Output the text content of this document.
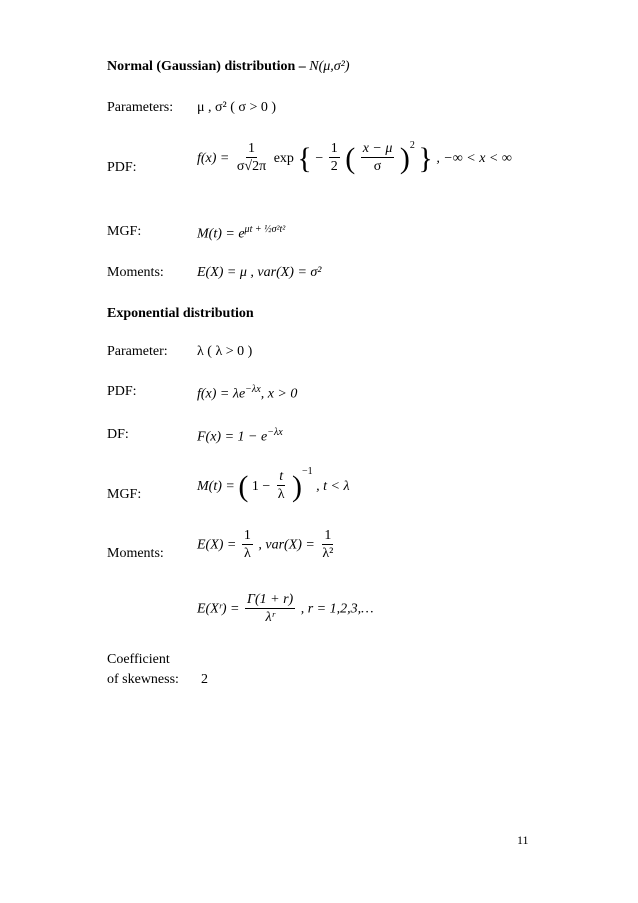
Normal (Gaussian) distribution – N(μ,σ²)
Parameters: μ , σ² ( σ > 0 )
PDF:
$f(x) = \frac{1}{\sigma√2\pi}$ exp { − $\frac{1}{2}$ ( $\frac{x - \mu}{\sigma} )^2$ } , −∞ < x < ∞
MGF:	$M(t) = e^{\mu t + \frac{1}{2}\sigma^2t^2}$
Moments: E(X) = μ , var(X) = σ²
Exponential distribution
Parameter: λ ( λ > 0 )
PDF:	$f(x) = \lambda e^{-\lambda x}$, x > 0
DF:	$F(x) = 1 - e^{-\lambda x}$
MGF:
M(t) = ( $1 - \frac{t}{\lambda} )^{-1}$ , t < λ
Moments:
$E(X) = \frac{1}{\lambda}$ , $var(X) = \frac{1}{\text{λ²}}$
E(Xʳ) = $\frac{\Gamma(1 + r)}{\text{λʳ}}$ , r = 1,2,3,…
Coefficient
of skewness: 2
11
